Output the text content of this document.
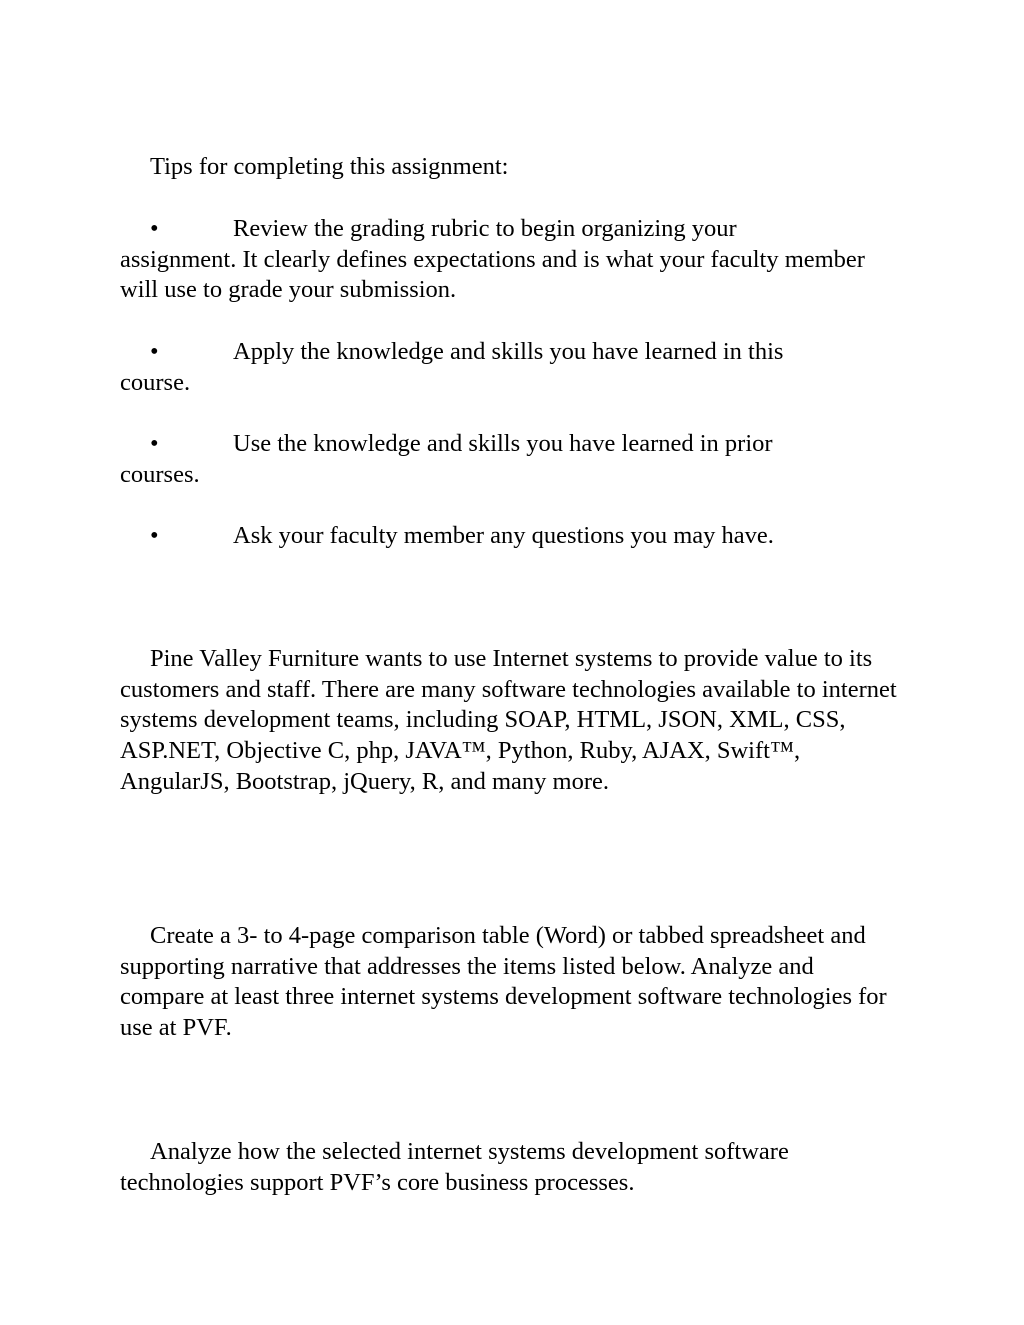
Tips for completing this assignment:

•	Review the grading rubric to begin organizing your
assignment. It clearly defines expectations and is what your faculty member will use to grade your submission.
•	Apply the knowledge and skills you have learned in this
course.
•	Use the knowledge and skills you have learned in prior
courses.
•	Ask your faculty member any questions you may have.

Pine Valley Furniture wants to use Internet systems to provide value to its customers and staff. There are many software technologies available to internet systems development teams, including SOAP, HTML, JSON, XML, CSS, ASP.NET, Objective C, php, JAVA™, Python, Ruby, AJAX, Swift™, AngularJS, Bootstrap, jQuery, R, and many more.

Create a 3- to 4-page comparison table (Word) or tabbed spreadsheet and supporting narrative that addresses the items listed below. Analyze and compare at least three internet systems development software technologies for use at PVF.

Analyze how the selected internet systems development software technologies support PVF’s core business processes.
